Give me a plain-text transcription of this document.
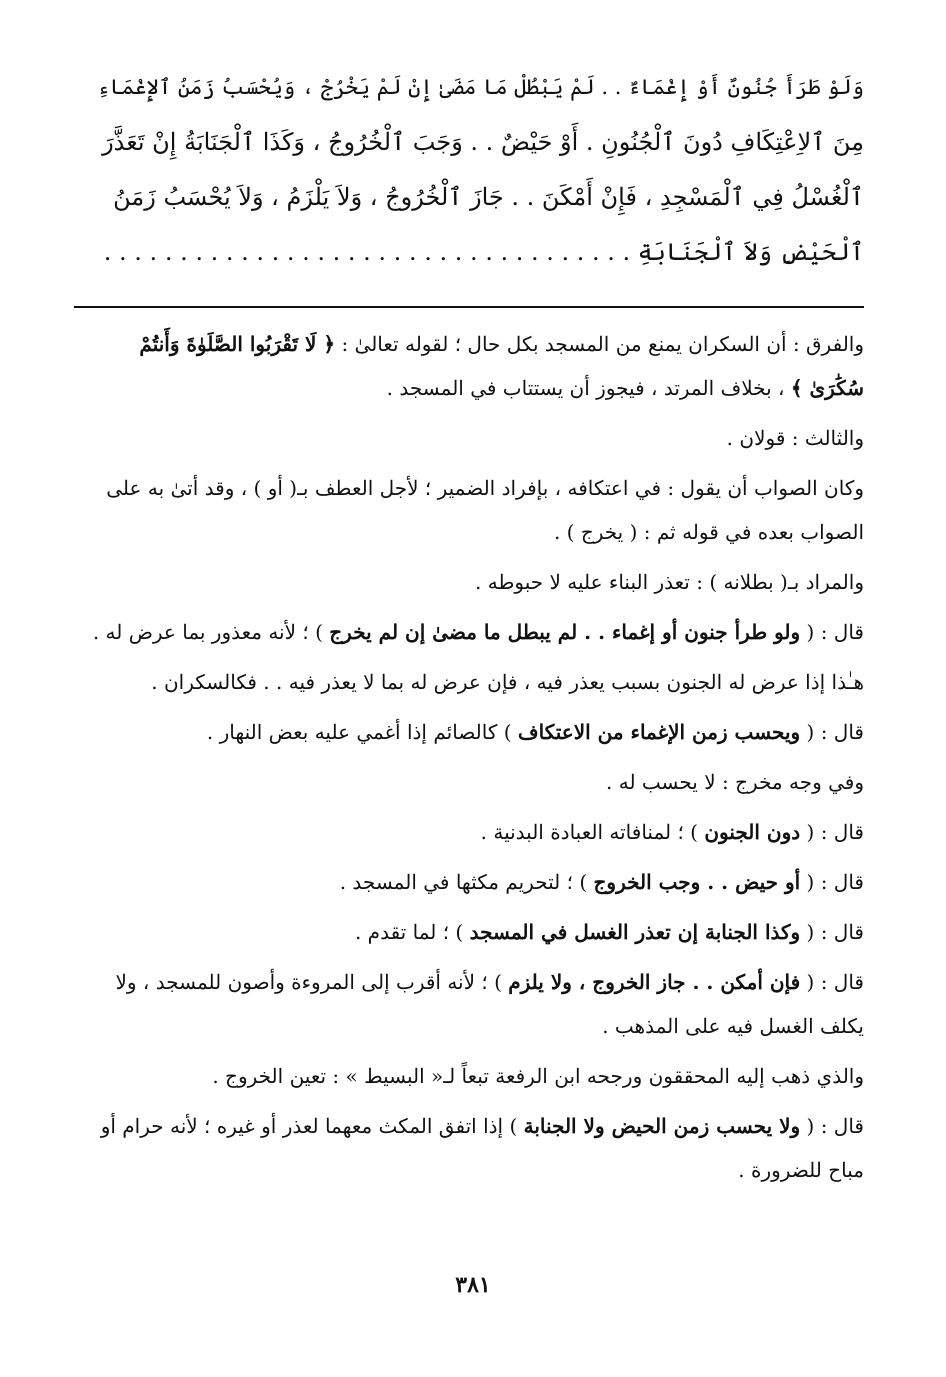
وَلَوْ طَرَأَ جُنُونٌ أَوْ إِغْمَاءٌ . . لَمْ يَبْطُلْ مَا مَضَىٰ إِنْ لَمْ يَخْرُجْ ، وَيُحْسَبُ زَمَنُ ٱلإِغْمَاءِ

مِنَ ٱلاِعْتِكَافِ دُونَ ٱلْجُنُونِ . أَوْ حَيْضٌ . . وَجَبَ ٱلْخُرُوجُ ، وَكَذَا ٱلْجَنَابَةُ إِنْ تَعَذَّرَ

ٱلْغُسْلُ فِي ٱلْمَسْجِدِ ، فَإِنْ أَمْكَنَ . . جَازَ ٱلْخُرُوجُ ، وَلاَ يَلْزَمُ ، وَلاَ يُحْسَبُ زَمَنُ

ٱلْحَيْضِ وَلاَ ٱلْجَنَابَةِ . . . . . . . . . . . . . . . . . . . . . . . . . . . . . . . . . . .

والفرق : أن السكران يمنع من المسجد بكل حال ؛ لقوله تعالىٰ : ﴿ لَا تَقْرَبُوا الصَّلَوٰةَ وَأَنتُمْ سُكَٰرَىٰ ﴾ ، بخلاف المرتد ، فيجوز أن يستتاب في المسجد .

والثالث : قولان .

وكان الصواب أن يقول : في اعتكافه ، بإفراد الضمير ؛ لأجل العطف بـ( أو ) ، وقد أتىٰ به على الصواب بعده في قوله ثم : ( يخرج ) .

والمراد بـ( بطلانه ) : تعذر البناء عليه لا حبوطه .

قال : ( ولو طرأ جنون أو إغماء . . لم يبطل ما مضىٰ إن لم يخرج ) ؛ لأنه معذور بما عرض له .

هـٰذا إذا عرض له الجنون بسبب يعذر فيه ، فإن عرض له بما لا يعذر فيه . . فكالسكران .

قال : ( ويحسب زمن الإغماء من الاعتكاف ) كالصائم إذا أغمي عليه بعض النهار .

وفي وجه مخرج : لا يحسب له .

قال : ( دون الجنون ) ؛ لمنافاته العبادة البدنية .

قال : ( أو حيض . . وجب الخروج ) ؛ لتحريم مكثها في المسجد .

قال : ( وكذا الجنابة إن تعذر الغسل في المسجد ) ؛ لما تقدم .

قال : ( فإن أمكن . . جاز الخروج ، ولا يلزم ) ؛ لأنه أقرب إلى المروءة وأصون للمسجد ، ولا يكلف الغسل فيه على المذهب .

والذي ذهب إليه المحققون ورجحه ابن الرفعة تبعاً لـ« البسيط » : تعين الخروج .

قال : ( ولا يحسب زمن الحيض ولا الجنابة ) إذا اتفق المكث معهما لعذر أو غيره ؛ لأنه حرام أو مباح للضرورة .

٣٨١
